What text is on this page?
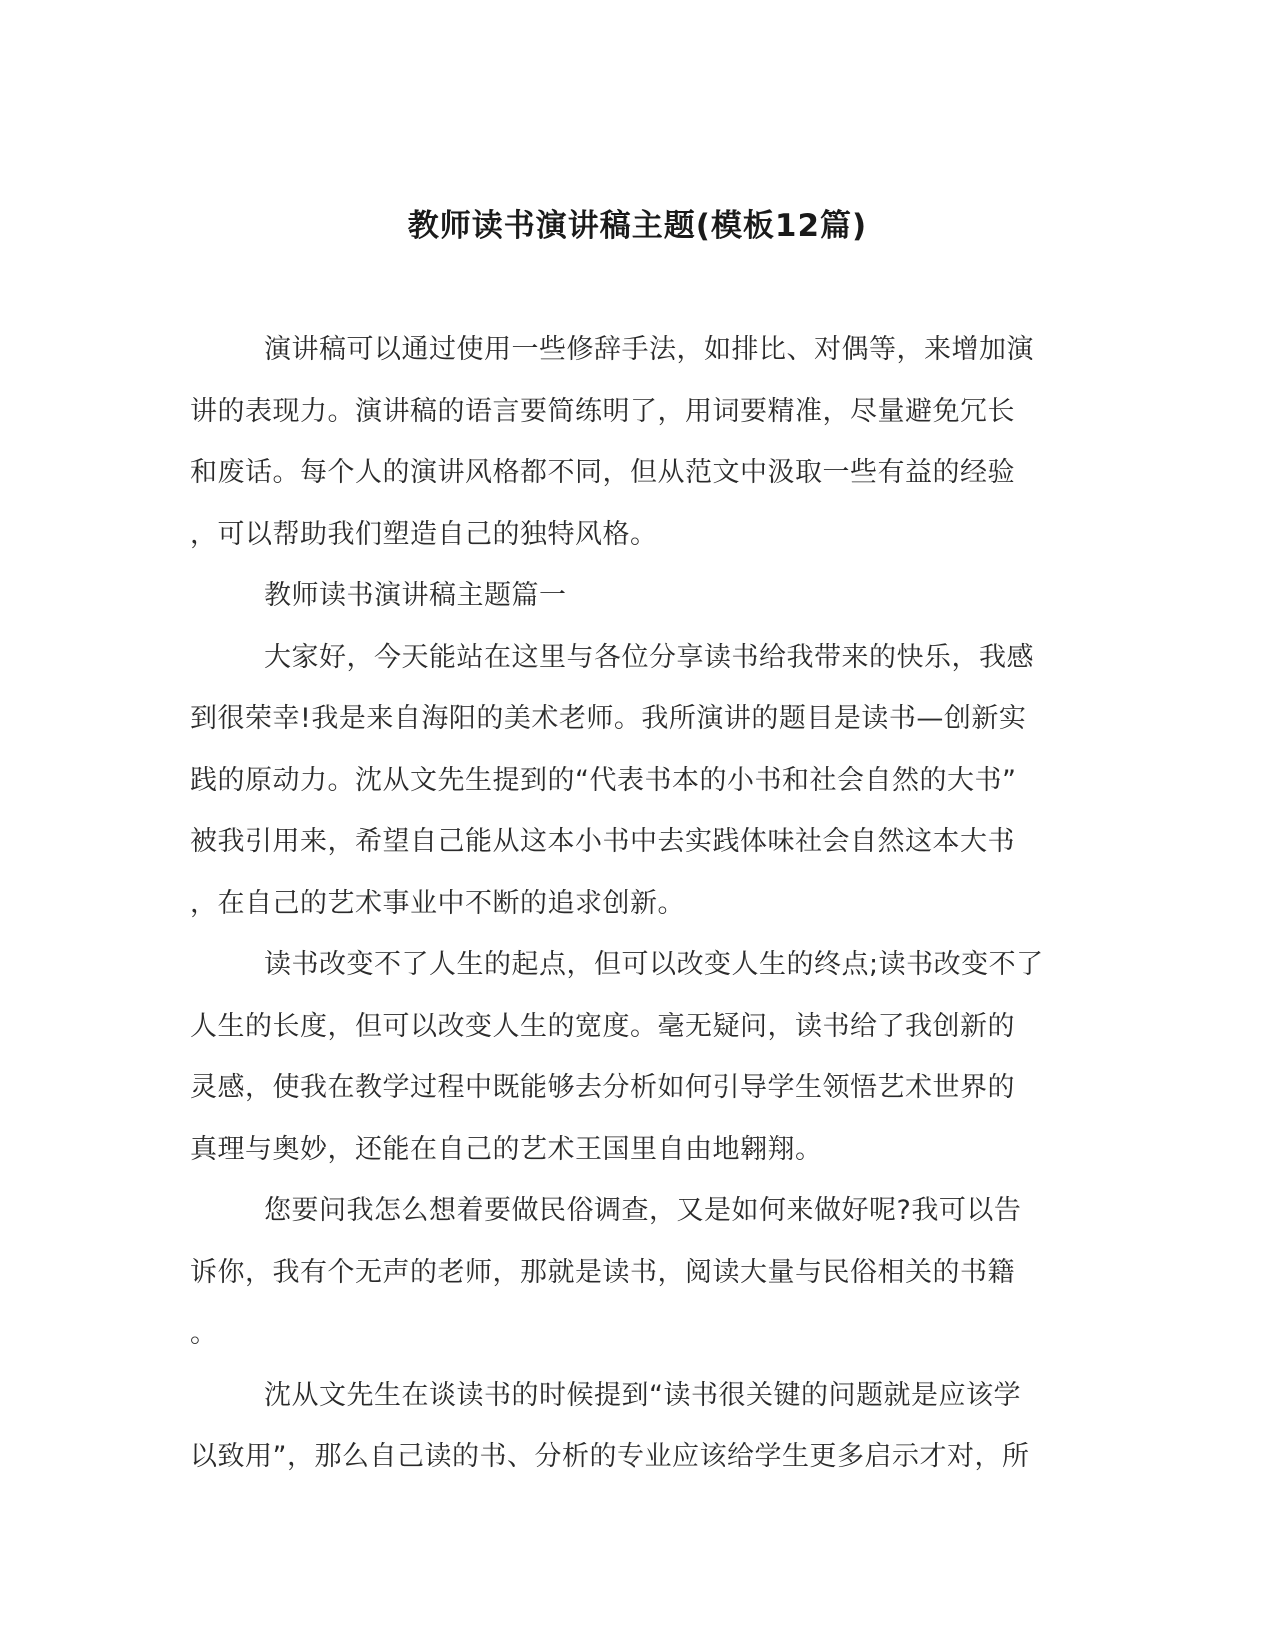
教师读书演讲稿主题(模板12篇)
演讲稿可以通过使用一些修辞手法，如排比、对偶等，来增加演
讲的表现力。演讲稿的语言要简练明了，用词要精准，尽量避免冗长
和废话。每个人的演讲风格都不同，但从范文中汲取一些有益的经验
，可以帮助我们塑造自己的独特风格。
教师读书演讲稿主题篇一
大家好，今天能站在这里与各位分享读书给我带来的快乐，我感
到很荣幸!我是来自海阳的美术老师。我所演讲的题目是读书—创新实
践的原动力。沈从文先生提到的“代表书本的小书和社会自然的大书”
被我引用来，希望自己能从这本小书中去实践体味社会自然这本大书
，在自己的艺术事业中不断的追求创新。
读书改变不了人生的起点，但可以改变人生的终点;读书改变不了
人生的长度，但可以改变人生的宽度。毫无疑问，读书给了我创新的
灵感，使我在教学过程中既能够去分析如何引导学生领悟艺术世界的
真理与奥妙，还能在自己的艺术王国里自由地翱翔。
您要问我怎么想着要做民俗调查，又是如何来做好呢?我可以告
诉你，我有个无声的老师，那就是读书，阅读大量与民俗相关的书籍
。
沈从文先生在谈读书的时候提到“读书很关键的问题就是应该学
以致用”，那么自己读的书、分析的专业应该给学生更多启示才对，所
